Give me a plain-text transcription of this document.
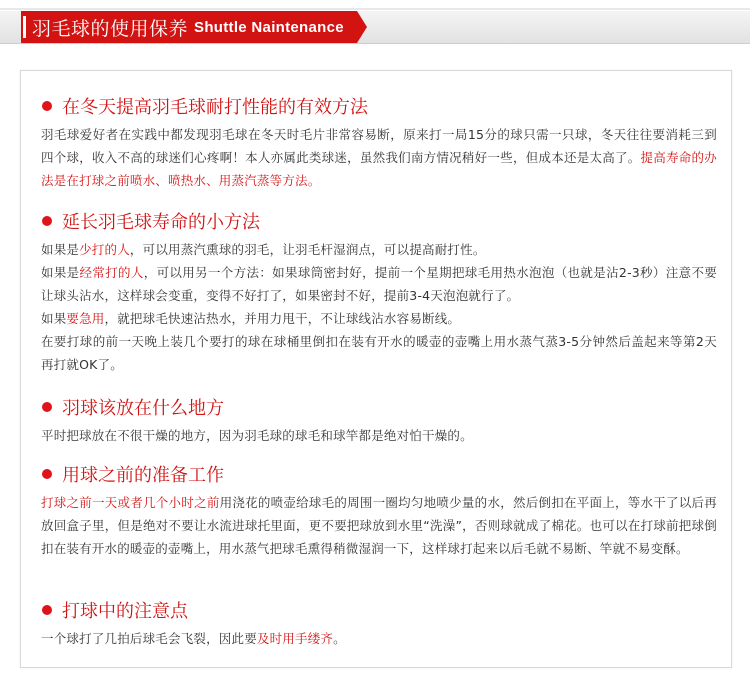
羽毛球的使用保养 Shuttle Naintenance
在冬天提高羽毛球耐打性能的有效方法

羽毛球爱好者在实践中都发现羽毛球在冬天时毛片非常容易断，原来打一局15分的球只需一只球，冬天往往要消耗三到四个球，收入不高的球迷们心疼啊！本人亦属此类球迷，虽然我们南方情况稍好一些，但成本还是太高了。提高寿命的办法是在打球之前喷水、喷热水、用蒸汽蒸等方法。

延长羽毛球寿命的小方法

如果是少打的人，可以用蒸汽熏球的羽毛，让羽毛杆湿润点，可以提高耐打性。

如果是经常打的人，可以用另一个方法：如果球筒密封好，提前一个星期把球毛用热水泡泡（也就是沾2-3秒）注意不要让球头沾水，这样球会变重，变得不好打了，如果密封不好，提前3-4天泡泡就行了。

如果要急用，就把球毛快速沾热水，并用力甩干，不让球线沾水容易断线。

在要打球的前一天晚上装几个要打的球在球桶里倒扣在装有开水的暖壶的壶嘴上用水蒸气蒸3-5分钟然后盖起来等第2天再打就OK了。

羽球该放在什么地方

平时把球放在不很干燥的地方，因为羽毛球的球毛和球竿都是绝对怕干燥的。

用球之前的准备工作

打球之前一天或者几个小时之前用浇花的喷壶给球毛的周围一圈均匀地喷少量的水，然后倒扣在平面上，等水干了以后再放回盒子里，但是绝对不要让水流进球托里面，更不要把球放到水里“洗澡”，否则球就成了棉花。也可以在打球前把球倒扣在装有开水的暖壶的壶嘴上，用水蒸气把球毛熏得稍微湿润一下，这样球打起来以后毛就不易断、竿就不易变酥。

打球中的注意点

一个球打了几拍后球毛会飞裂，因此要及时用手缕齐。
